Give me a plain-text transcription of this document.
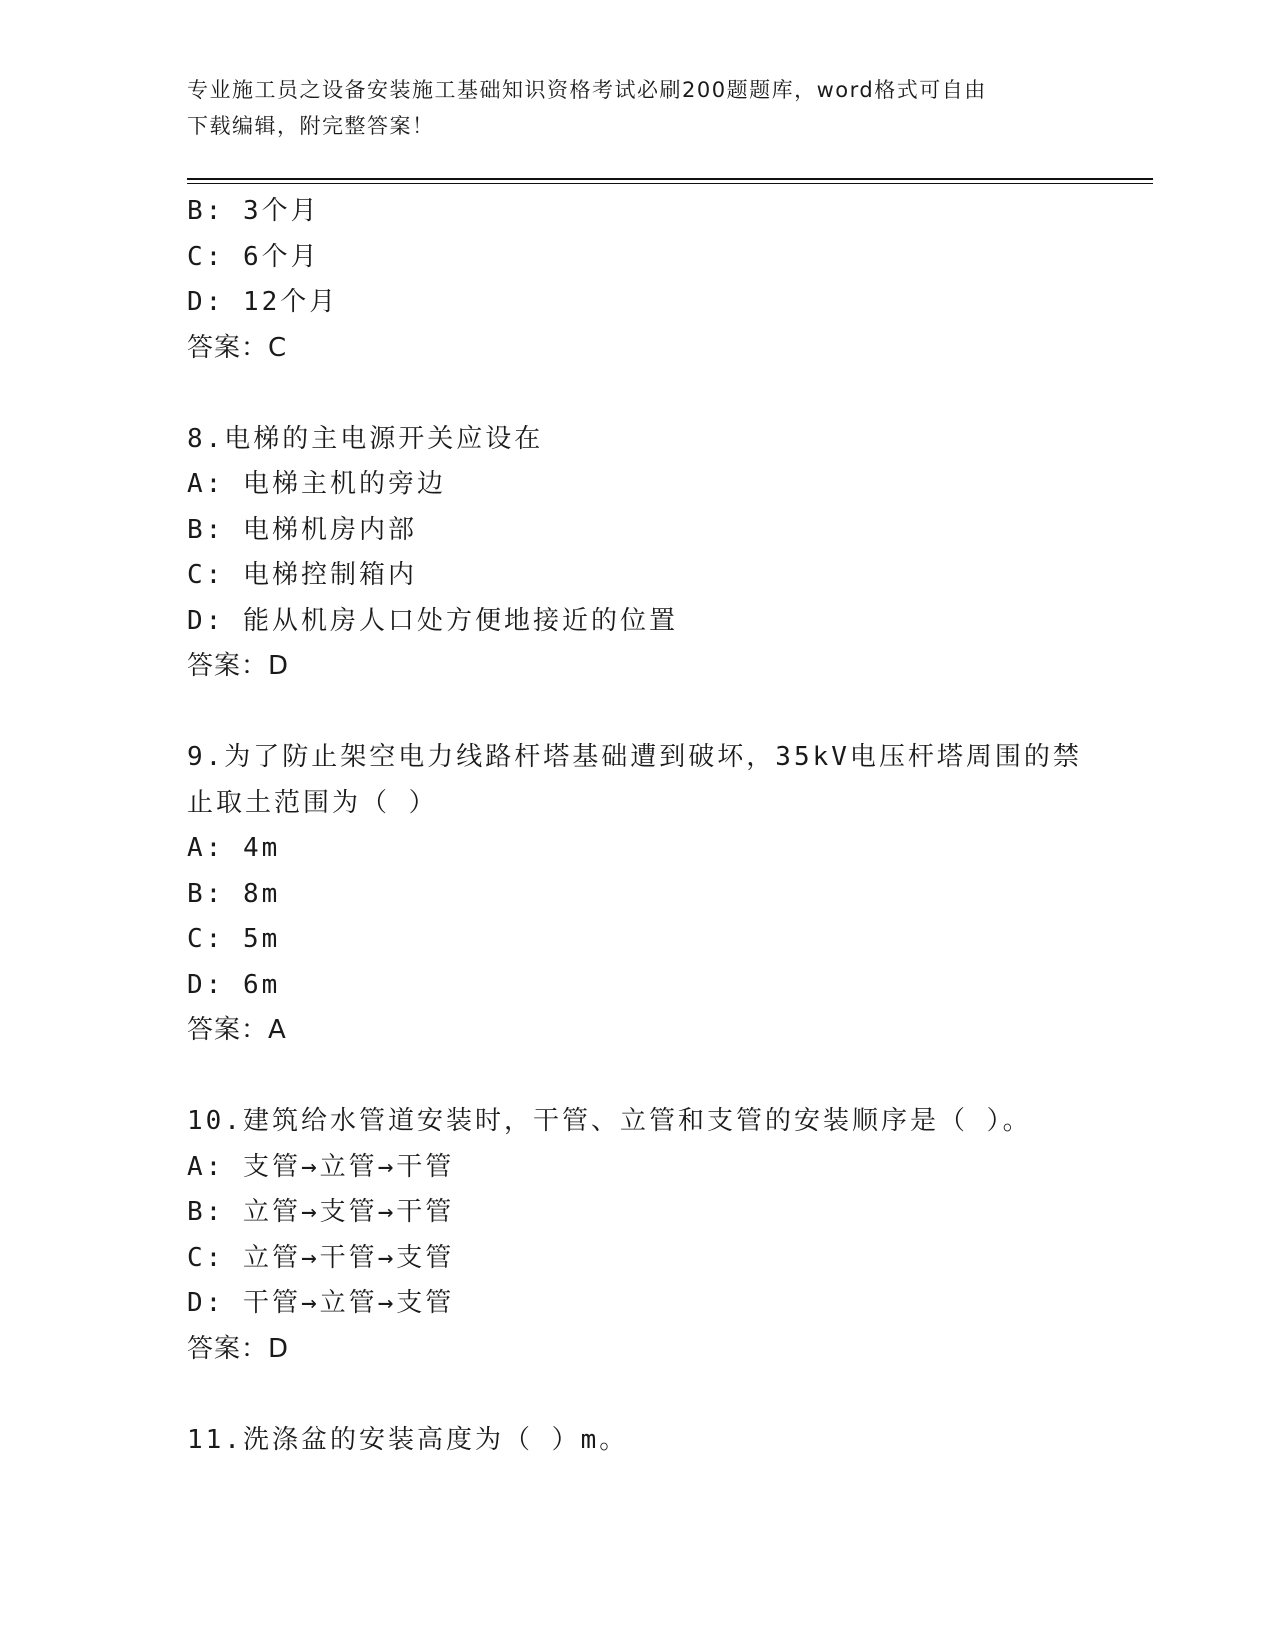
专业施工员之设备安装施工基础知识资格考试必刷200题题库，word格式可自由
下载编辑，附完整答案！
B: 3个月
C: 6个月
D: 12个月
答案：C
8.电梯的主电源开关应设在
A: 电梯主机的旁边
B: 电梯机房内部
C: 电梯控制箱内
D: 能从机房人口处方便地接近的位置
答案：D
9.为了防止架空电力线路杆塔基础遭到破坏，35kV电压杆塔周围的禁
止取土范围为（ ）
A: 4m
B: 8m
C: 5m
D: 6m
答案：A
10.建筑给水管道安装时，干管、立管和支管的安装顺序是（ ）。
A: 支管→立管→干管
B: 立管→支管→干管
C: 立管→干管→支管
D: 干管→立管→支管
答案：D
11.洗涤盆的安装高度为（ ）m。
